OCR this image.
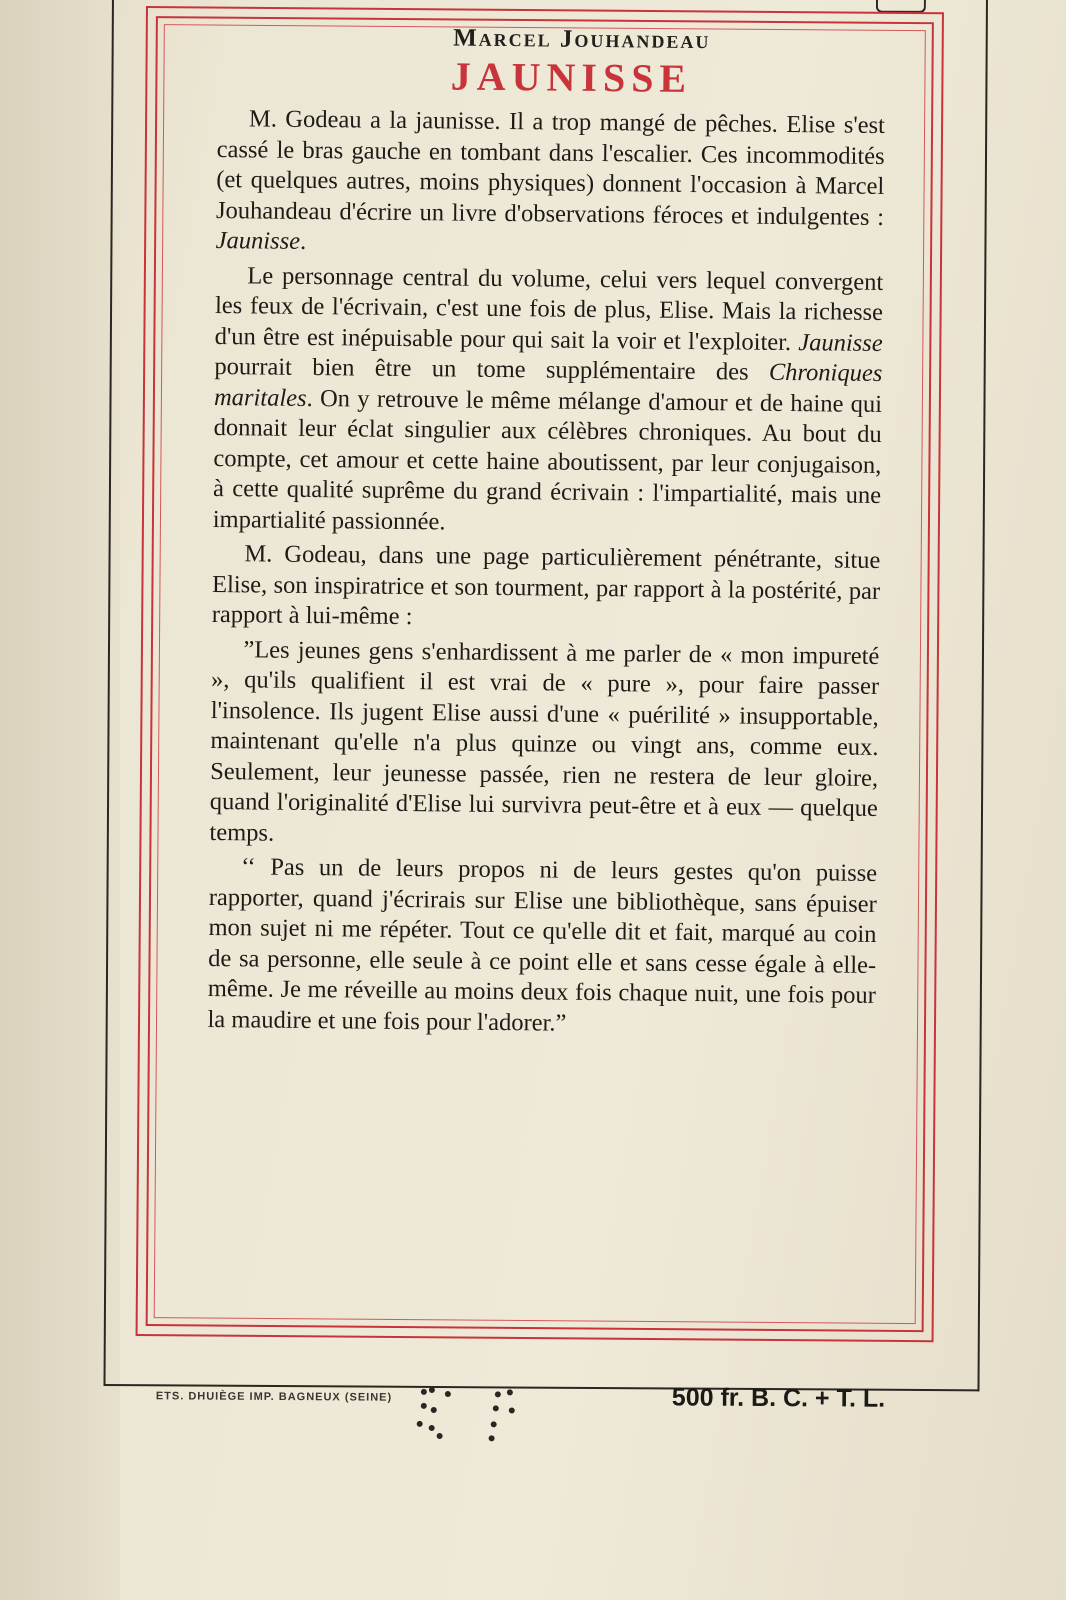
Marcel Jouhandeau
JAUNISSE

M. Godeau a la jaunisse. Il a trop mangé de pêches. Elise s'est cassé le bras gauche en tombant dans l'escalier. Ces incommodités (et quelques autres, moins physiques) donnent l'occasion à Marcel Jouhandeau d'écrire un livre d'observations féroces et indulgentes : Jaunisse.

Le personnage central du volume, celui vers lequel convergent les feux de l'écrivain, c'est une fois de plus, Elise. Mais la richesse d'un être est inépuisable pour qui sait la voir et l'exploiter. Jaunisse pourrait bien être un tome supplémentaire des Chroniques maritales. On y retrouve le même mélange d'amour et de haine qui donnait leur éclat singulier aux célèbres chroniques. Au bout du compte, cet amour et cette haine aboutissent, par leur conjugaison, à cette qualité suprême du grand écrivain : l'impartialité, mais une impartialité passionnée.

M. Godeau, dans une page particulièrement pénétrante, situe Elise, son inspiratrice et son tourment, par rapport à la postérité, par rapport à lui-même :

”Les jeunes gens s'enhardissent à me parler de « mon impureté », qu'ils qualifient il est vrai de « pure », pour faire passer l'insolence. Ils jugent Elise aussi d'une « puérilité » insupportable, maintenant qu'elle n'a plus quinze ou vingt ans, comme eux. Seulement, leur jeunesse passée, rien ne restera de leur gloire, quand l'originalité d'Elise lui survivra peut-être et à eux — quelque temps.

‘‘ Pas un de leurs propos ni de leurs gestes qu'on puisse rapporter, quand j'écrirais sur Elise une bibliothèque, sans épuiser mon sujet ni me répéter. Tout ce qu'elle dit et fait, marqué au coin de sa personne, elle seule à ce point elle et sans cesse égale à elle-même. Je me réveille au moins deux fois chaque nuit, une fois pour la maudire et une fois pour l'adorer.”

ETS. DHUIÈGE IMP. BAGNEUX (SEINE)	500 fr. B. C. + T. L.
